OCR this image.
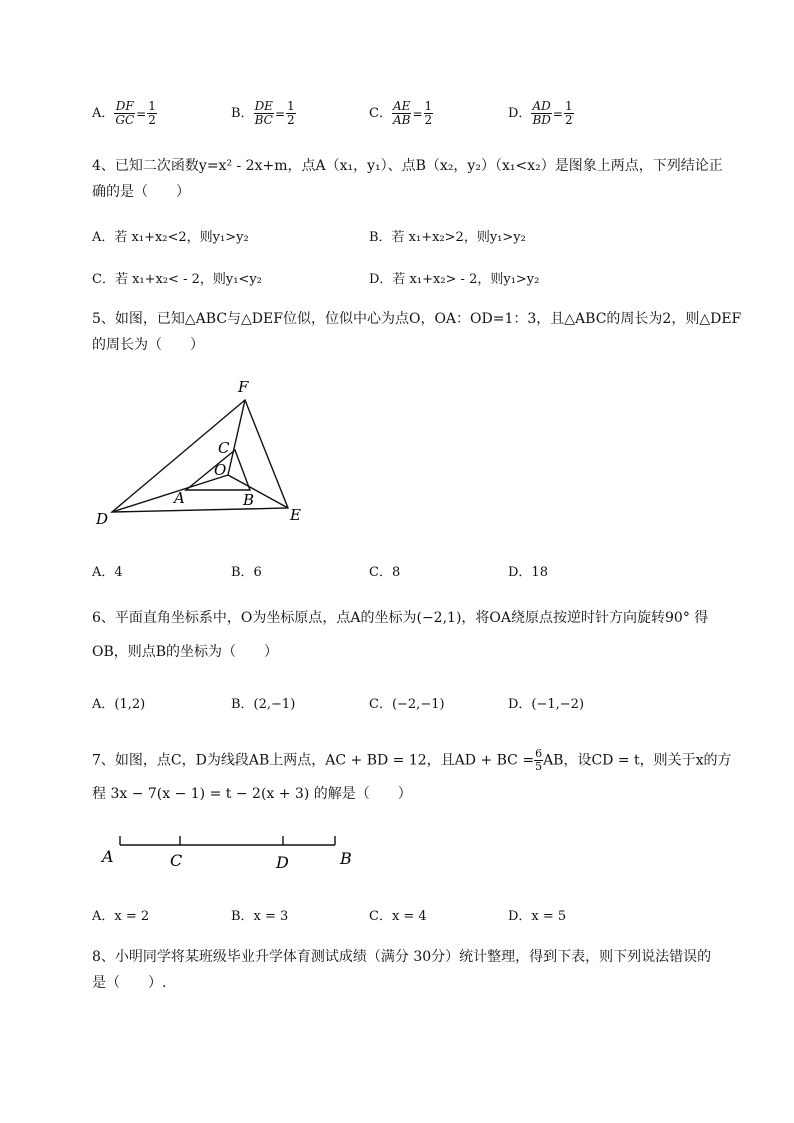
A． $\frac{DF}{GC} = \frac{1}{2}$	B． $\frac{DE}{BC} = \frac{1}{2}$	C． $\frac{AE}{AB} = \frac{1}{2}$	D． $\frac{AD}{BD} = \frac{1}{2}$
4、已知二次函数y=x² - 2x+m，点A（x₁，y₁）、点B（x₂，y₂）（x₁<x₂）是图象上两点，下列结论正
确的是（　　）
A．若 x₁+x₂<2，则y₁>y₂	B．若 x₁+x₂>2，则y₁>y₂
C．若 x₁+x₂< - 2，则y₁<y₂	D．若 x₁+x₂> - 2，则y₁>y₂
5、如图，已知△ABC与△DEF位似，位似中心为点O，OA：OD=1：3，且△ABC的周长为2，则△DEF
的周长为（　　）
F
C
O
A	B
D	E
A．4	B．6	C．8	D．18
6、平面直角坐标系中，O为坐标原点，点A的坐标为(−2,1)，将OA绕原点按逆时针方向旋转90° 得
OB，则点B的坐标为（　　）
A．(1,2)	B．(2,−1)	C．(−2,−1)	D．(−1,−2)
7、如图，点C，D为线段AB上两点，AC + BD = 12，且AD + BC = $\frac{6}{5}$ AB，设CD = t，则关于x的方
程 3x − 7(x − 1) = t − 2(x + 3) 的解是（　　）
A	C	D	B
A．x = 2	B．x = 3	C．x = 4	D．x = 5
8、小明同学将某班级毕业升学体育测试成绩（满分 30分）统计整理，得到下表，则下列说法错误的
是（　　）.
